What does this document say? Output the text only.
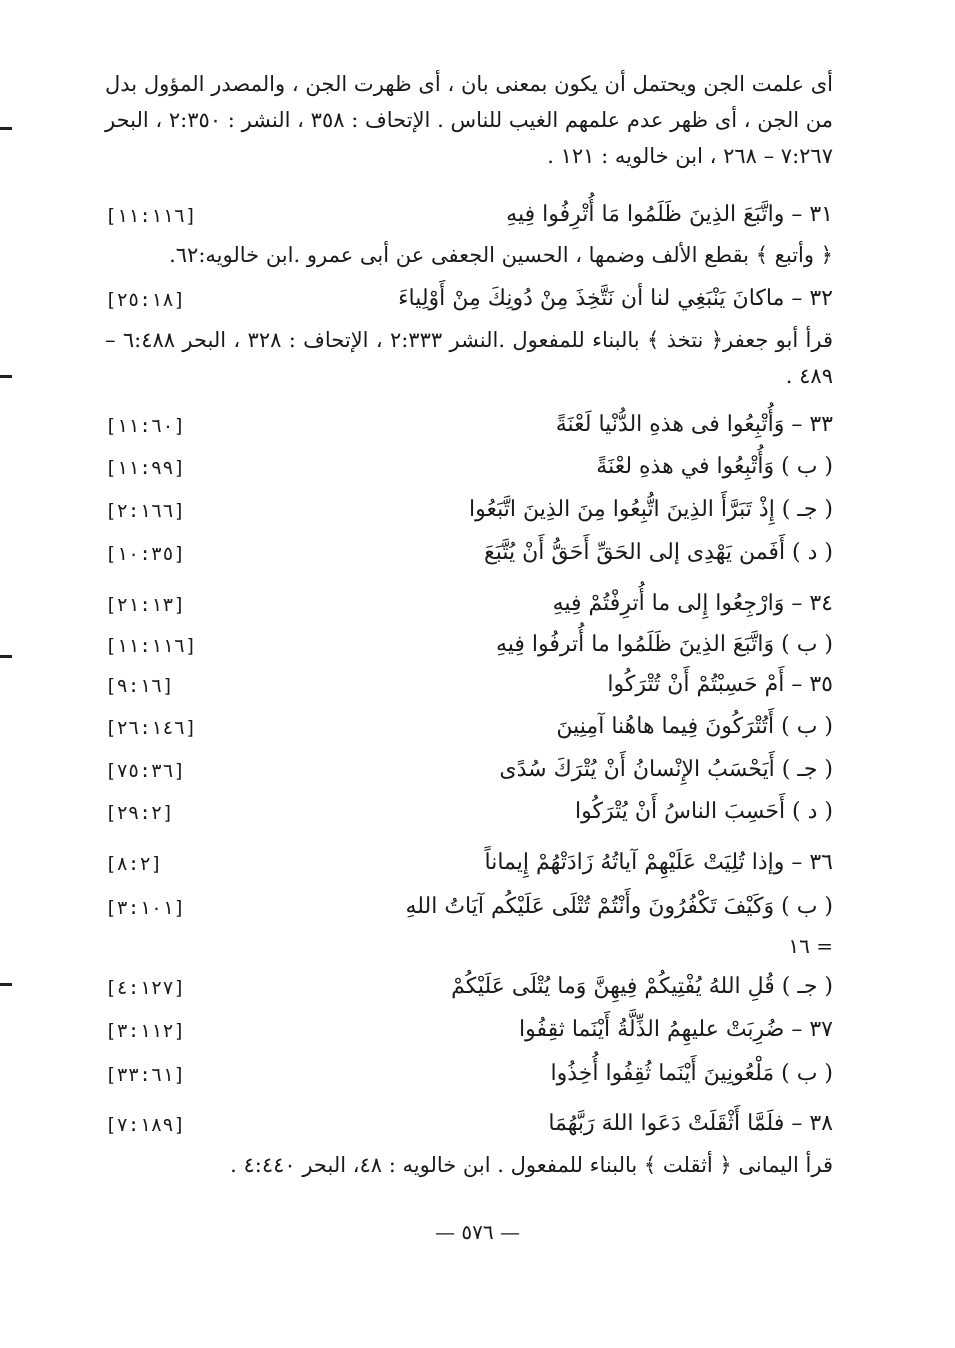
أى علمت الجن ويحتمل أن يكون بمعنى بان ، أى ظهرت الجن ، والمصدر المؤول بدل من الجن ، أى ظهر عدم علمهم الغيب للناس . الإتحاف : ٣٥٨ ، النشر : ٢:٣٥٠ ، البحر ٧:٢٦٧ – ٢٦٨ ، ابن خالويه : ١٢١ .
٣١ – واتَّبَعَ الذِينَ ظَلَمُوا مَا أُتْرِفُوا فِيهِ
[١١:١١٦]
﴿ وأتبع ﴾ بقطع الألف وضمها ، الحسين الجعفى عن أبى عمرو .ابن خالويه:٦٢.
٣٢ – ماكانَ يَنْبَغِي لنا أن نَتَّخِذَ مِنْ دُونِكَ مِنْ أَوْلِياءَ
[٢٥:١٨]
قرأ أبو جعفر﴿ نتخذ ﴾ بالبناء للمفعول .النشر ٢:٣٣٣ ، الإتحاف : ٣٢٨ ، البحر ٦:٤٨٨ – ٤٨٩ .
٣٣ – وَأُتْبِعُوا فى هذهِ الدُّنْيا لَعْنَةً
[١١:٦٠]
( ب ) وَأُتْبِعُوا في هذهِ لعْنَةً
[١١:٩٩]
( جـ ) إِذْ تَبَرَّأَ الذِينَ اتُّبِعُوا مِنَ الذِينَ اتَّبَعُوا
[٢:١٦٦]
( د ) أَفَمن يَهْدِى إلى الحَقِّ أَحَقُّ أَنْ يُتَّبَعَ
[١٠:٣٥]
٣٤ – وَارْجِعُوا إِلى ما أُترِفْتُمْ فِيهِ
[٢١:١٣]
( ب ) وَاتَّبَعَ الذِينَ ظَلَمُوا ما أُترفُوا فِيهِ
[١١:١١٦]
٣٥ – أَمْ حَسِبْتُمْ أَنْ تُتْرَكُوا
[٩:١٦]
( ب ) أَتُتْرَكُونَ فِيما هاهُنا آمِنِينَ
[٢٦:١٤٦]
( جـ ) أَيَحْسَبُ الإِنْسانُ أَنْ يُتْرَكَ سُدًى
[٧٥:٣٦]
( د ) أَحَسِبَ الناسُ أَنْ يُتْرَكُوا
[٢٩:٢]
٣٦ – وإذا تُلِيَتْ عَلَيْهِمْ آياتُهُ زَادَتْهُمْ إِيماناً
[٨:٢]
( ب ) وَكَيْفَ تَكْفُرُونَ وأَنْتُمْ تُتْلَى عَلَيْكُم آيَاتُ اللهِ
[٣:١٠١]
= ١٦
( جـ ) قُلِ اللهُ يُفْتِيكُمْ فِيهِنَّ وَما يُتْلَى عَلَيْكُمْ
[٤:١٢٧]
٣٧ – ضُرِبَتْ عليهِمُ الذِّلَّةُ أَيْنَما ثقِفُوا
[٣:١١٢]
( ب ) مَلْعُونِينَ أَيْنَما ثُقِفُوا أُخِذُوا
[٣٣:٦١]
٣٨ – فلَمَّا أَثْقَلَتْ دَعَوا اللهَ رَبَّهُمَا
[٧:١٨٩]
قرأ اليمانى ﴿ أثقلت ﴾ بالبناء للمفعول . ابن خالويه : ٤٨، البحر ٤:٤٤٠ .
— ٥٧٦ —
